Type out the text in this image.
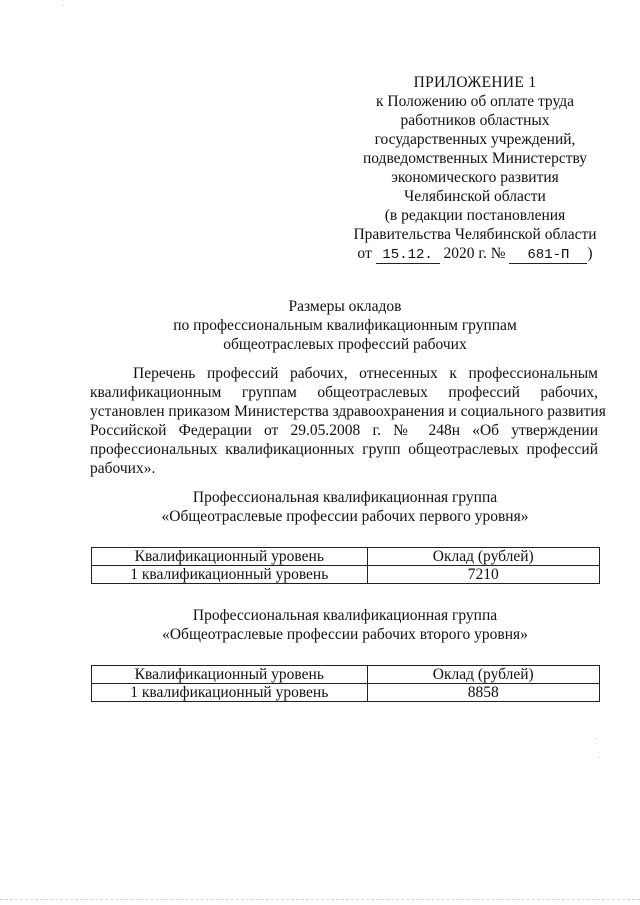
ПРИЛОЖЕНИЕ 1
к Положению об оплате труда
работников областных
государственных учреждений,
подведомственных Министерству
экономического развития
Челябинской области
(в редакции постановления
Правительства Челябинской области
от 15.12. 2020 г. № 681-П )
Размеры окладов
по профессиональным квалификационным группам
общеотраслевых профессий рабочих
Перечень профессий рабочих, отнесенных к профессиональным
квалификационным группам общеотраслевых профессий рабочих,
установлен приказом Министерства здравоохранения и социального развития
Российской Федерации от 29.05.2008 г. № 248н «Об утверждении
профессиональных квалификационных групп общеотраслевых профессий
рабочих».
Профессиональная квалификационная группа
«Общеотраслевые профессии рабочих первого уровня»
Квалификационный уровень	Оклад (рублей)
1 квалификационный уровень	7210
Профессиональная квалификационная группа
«Общеотраслевые профессии рабочих второго уровня»
Квалификационный уровень	Оклад (рублей)
1 квалификационный уровень	8858
